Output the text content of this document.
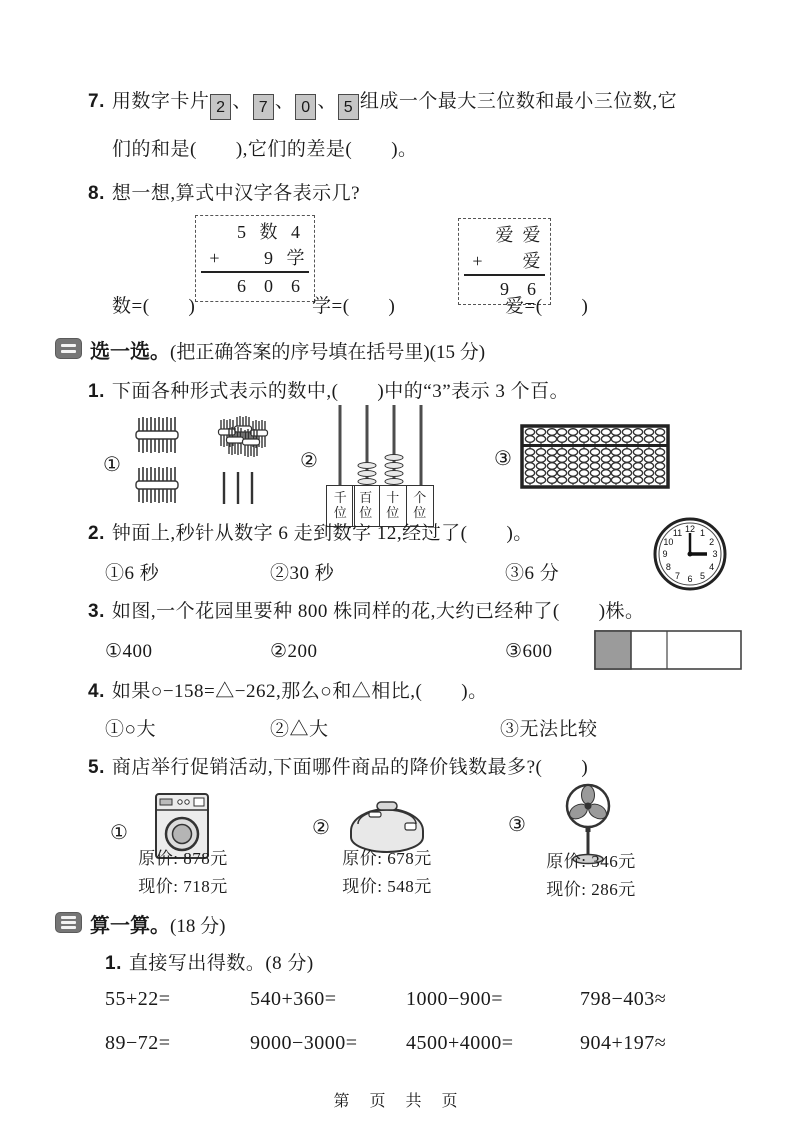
7. 用数字卡片 2 、 7 、 0 、 5 组成一个最大三位数和最小三位数,它
们的和是(　　),它们的差是(　　)。
8. 想一想,算式中汉字各表示几?
5 数 4
+	9 学
6	0	6
爱 爱
+	爱
9	6
数=(　　)	学=(　　)	爱=(　　)
选一选。(把正确答案的序号填在括号里)(15 分)
1. 下面各种形式表示的数中,(　　)中的“3”表示 3 个百。
①	②
千位
百位
十位
个位
③
2. 钟面上,秒针从数字 6 走到数字 12,经过了(　　)。
①6 秒	②30 秒	③6 分
12 1
2
3
4
5
6
7
8
9
10
11
3. 如图,一个花园里要种 800 株同样的花,大约已经种了(　　)株。
①400	②200	③600
4. 如果○−158=△−262,那么○和△相比,(　　)。
①○大	②△大	③无法比较
5. 商店举行促销活动,下面哪件商品的降价钱数最多?(　　)
①
原价: 878元
现价: 718元
②
原价: 678元
现价: 548元
③
原价: 346元
现价: 286元
算一算。(18 分)
1. 直接写出得数。(8 分)
55+22=	540+360=	1000−900=	798−403≈
89−72=	9000−3000=	4500+4000=	904+197≈
第　页　共　页
